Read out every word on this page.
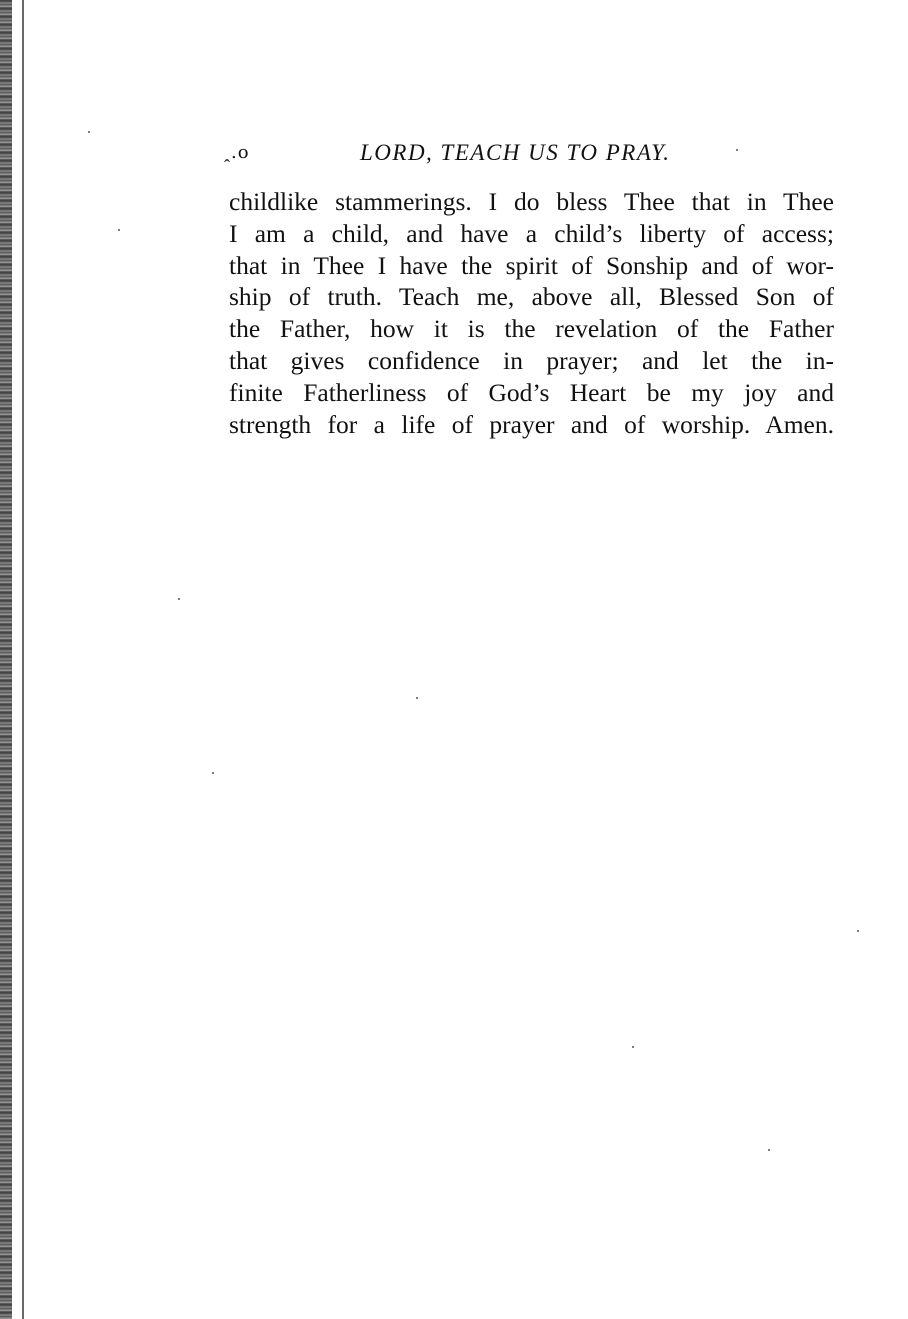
ꞈ.o	LORD, TEACH US TO PRAY.
childlike stammerings. I do bless Thee that in Thee
I am a child, and have a child’s liberty of access;
that in Thee I have the spirit of Sonship and of wor-
ship of truth. Teach me, above all, Blessed Son of
the Father, how it is the revelation of the Father
that gives confidence in prayer; and let the in-
finite Fatherliness of God’s Heart be my joy and
strength for a life of prayer and of worship. Amen.
